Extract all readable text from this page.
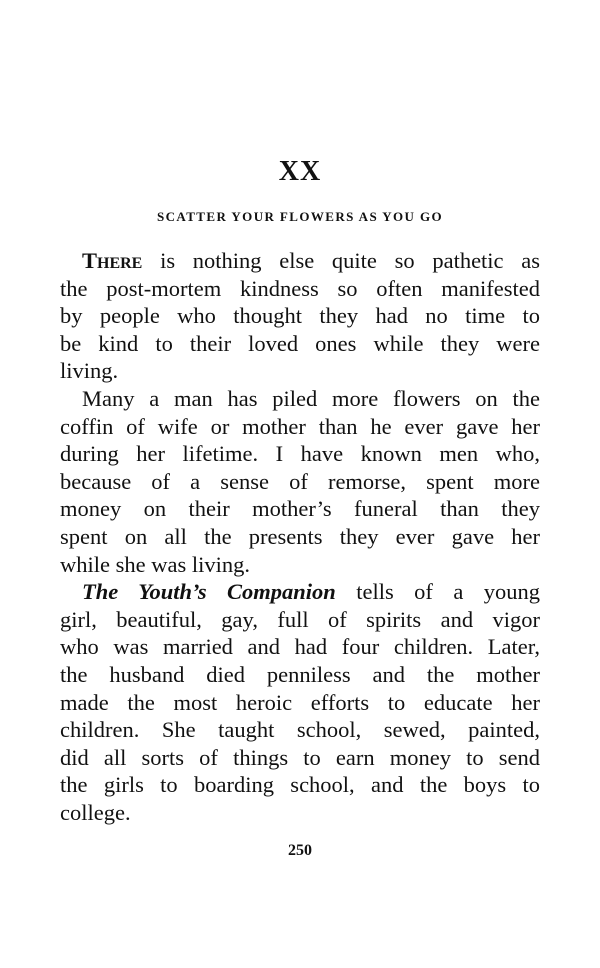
XX
SCATTER YOUR FLOWERS AS YOU GO
There is nothing else quite so pathetic as
the post-mortem kindness so often manifested
by people who thought they had no time to
be kind to their loved ones while they were
living.
Many a man has piled more flowers on the
coffin of wife or mother than he ever gave her
during her lifetime. I have known men who,
because of a sense of remorse, spent more
money on their mother’s funeral than they
spent on all the presents they ever gave her
while she was living.
The Youth’s Companion tells of a young
girl, beautiful, gay, full of spirits and vigor
who was married and had four children. Later,
the husband died penniless and the mother
made the most heroic efforts to educate her
children. She taught school, sewed, painted,
did all sorts of things to earn money to send
the girls to boarding school, and the boys to
college.
250
